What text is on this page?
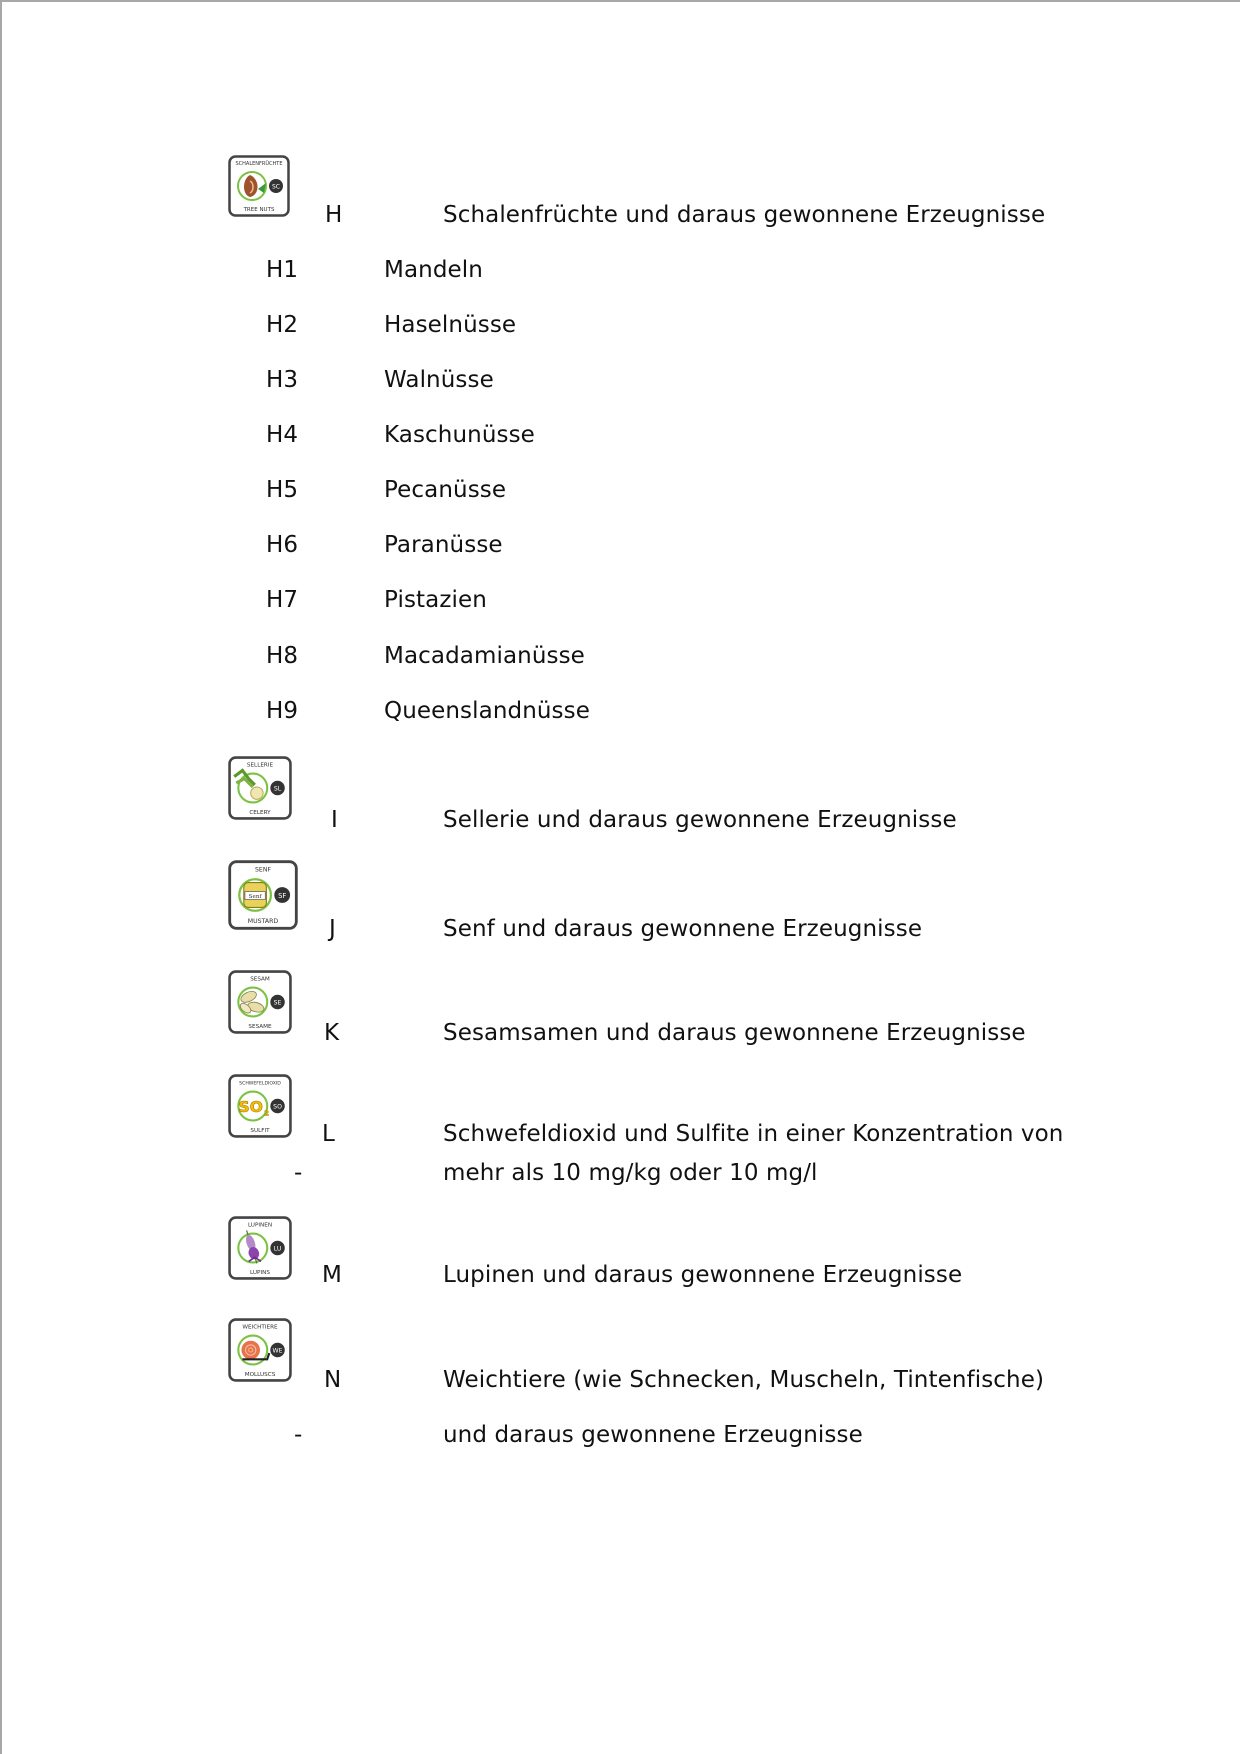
SCHALENFRÜCHTE
SC
TREE NUTS H	Schalenfrüchte und daraus gewonnene Erzeugnisse
H1	Mandeln
H2	Haselnüsse
H3	Walnüsse
H4	Kaschunüsse
H5	Pecanüsse
H6	Paranüsse
H7	Pistazien
H8	Macadamianüsse
H9	Queenslandnüsse
SELLERIE
SL
CELERY	I	Sellerie und daraus gewonnene Erzeugnisse
SENF
Senf	SF
MUSTARD J	Senf und daraus gewonnene Erzeugnisse
SESAM
SE
SESAME K	Sesamsamen und daraus gewonnene Erzeugnisse
SCHWEFELDIOXID
SO 2
SO
SULFIT L	Schwefeldioxid und Sulfite in einer Konzentration von
-	mehr als 10 mg/kg oder 10 mg/l
LUPINEN
LU
LUPINS M	Lupinen und daraus gewonnene Erzeugnisse
WEICHTIERE
WE
MOLLUSCS N	Weichtiere (wie Schnecken, Muscheln, Tintenfische)
-	und daraus gewonnene Erzeugnisse
